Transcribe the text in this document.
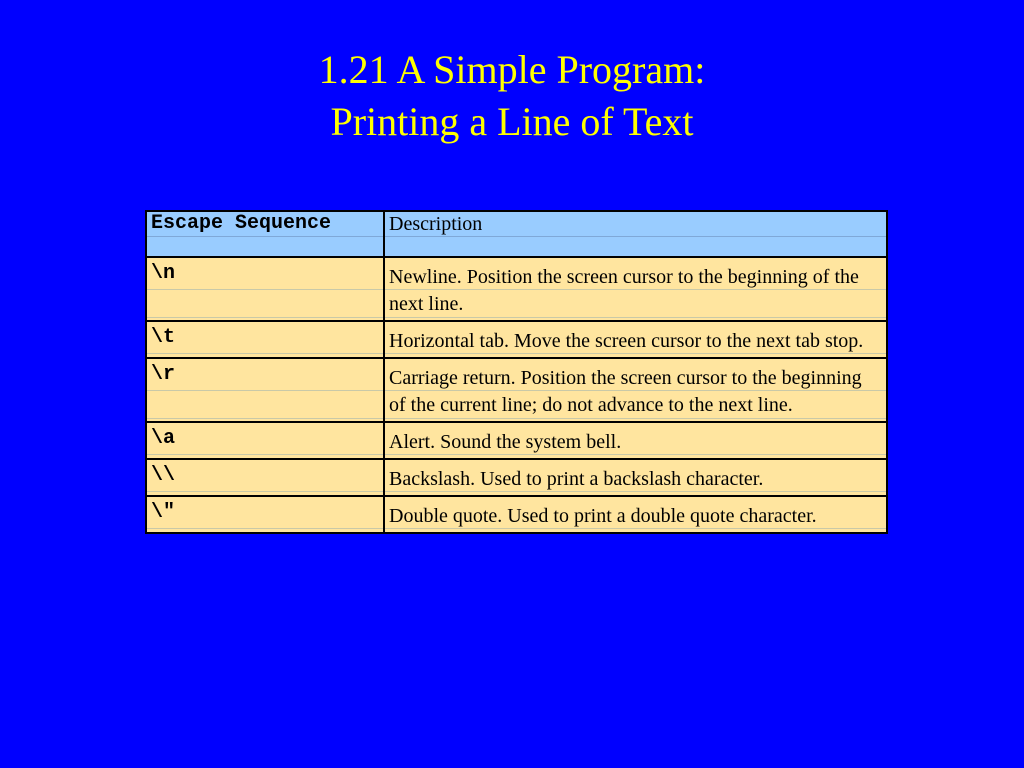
1.21 A Simple Program:
Printing a Line of Text
Escape Sequence	Description

\n	Newline. Position the screen cursor to the beginning of the next line.

\t	Horizontal tab. Move the screen cursor to the next tab stop.

\r	Carriage return. Position the screen cursor to the beginning of the current line; do not advance to the next line.

\a	Alert. Sound the system bell.

\\	Backslash. Used to print a backslash character.

\"	Double quote. Used to print a double quote character.
